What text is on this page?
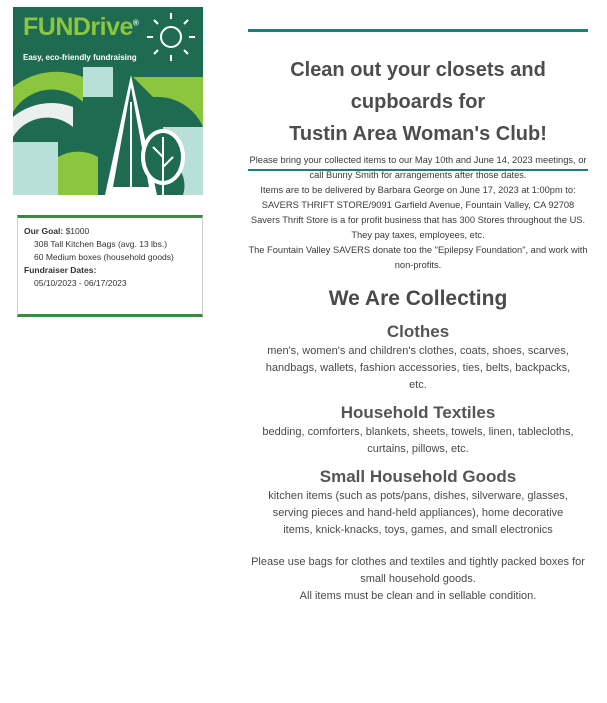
FUNDrive®
Easy, eco-friendly fundraising
Our Goal: $1000
308 Tall Kitchen Bags (avg. 13 lbs.)
60 Medium boxes (household goods)
Fundraiser Dates:
05/10/2023 - 06/17/2023
Clean out your closets and
cupboards for
Tustin Area Woman's Club!

Please bring your collected items to our May 10th and June 14, 2023 meetings, or call Bunny Smith for arrangements after those dates.

Items are to be delivered by Barbara George on June 17, 2023 at 1:00pm to:

SAVERS THRIFT STORE/9091 Garfield Avenue, Fountain Valley, CA 92708

Savers Thrift Store is a for profit business that has 300 Stores throughout the US. They pay taxes, employees, etc.

The Fountain Valley SAVERS donate too the "Epilepsy Foundation", and work with non-profits.

We Are Collecting
Clothes
men's, women's and children's clothes, coats, shoes, scarves, handbags, wallets, fashion accessories, ties, belts, backpacks, etc.
Household Textiles
bedding, comforters, blankets, sheets, towels, linen, tablecloths, curtains, pillows, etc.
Small Household Goods
kitchen items (such as pots/pans, dishes, silverware, glasses, serving pieces and hand-held appliances), home decorative items, knick-knacks, toys, games, and small electronics

Please use bags for clothes and textiles and tightly packed boxes for small household goods.

All items must be clean and in sellable condition.
